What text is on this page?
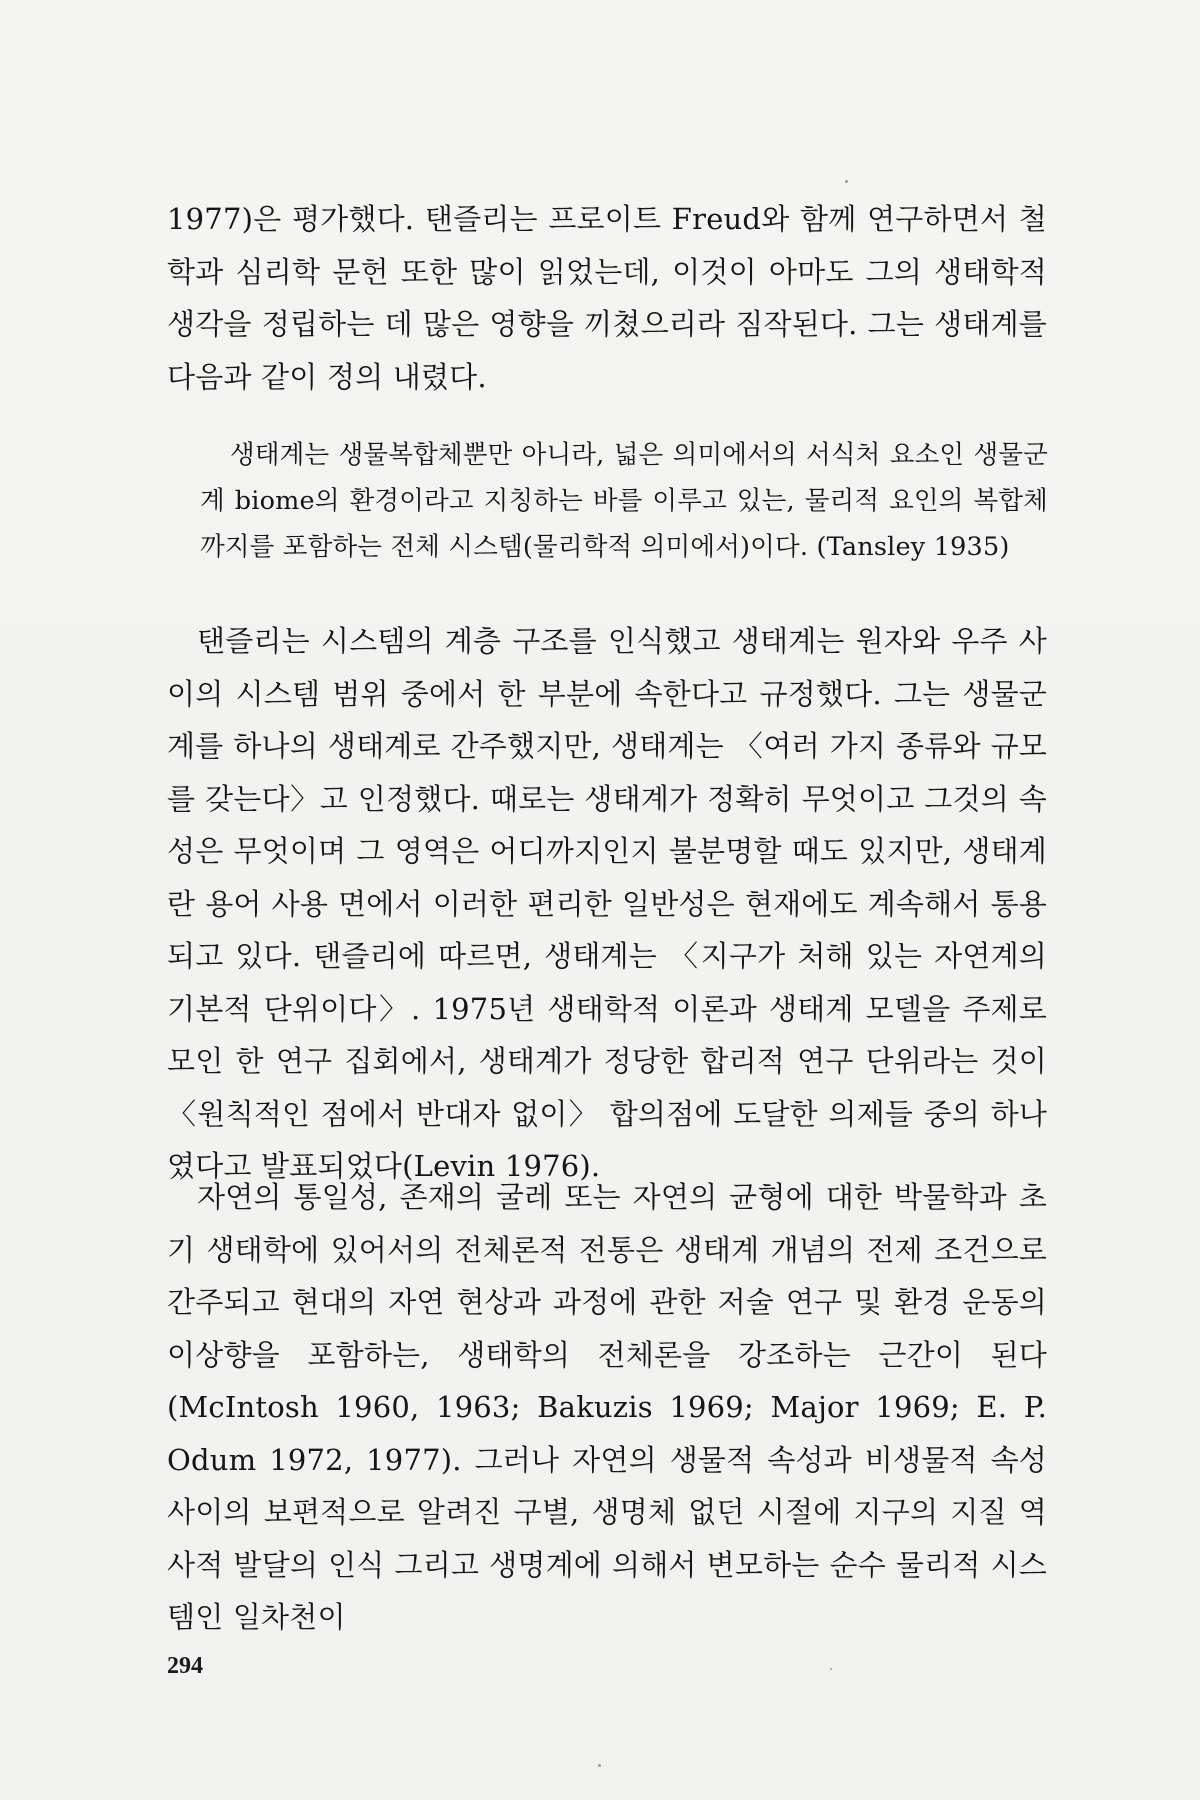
1977)은 평가했다. 탠즐리는 프로이트 Freud와 함께 연구하면서 철학과 심리학 문헌 또한 많이 읽었는데, 이것이 아마도 그의 생태학적 생각을 정립하는 데 많은 영향을 끼쳤으리라 짐작된다. 그는 생태계를 다음과 같이 정의 내렸다.

생태계는 생물복합체뿐만 아니라, 넓은 의미에서의 서식처 요소인 생물군계 biome의 환경이라고 지칭하는 바를 이루고 있는, 물리적 요인의 복합체까지를 포함하는 전체 시스템(물리학적 의미에서)이다. (Tansley 1935)

탠즐리는 시스템의 계층 구조를 인식했고 생태계는 원자와 우주 사이의 시스템 범위 중에서 한 부분에 속한다고 규정했다. 그는 생물군계를 하나의 생태계로 간주했지만, 생태계는 〈여러 가지 종류와 규모를 갖는다〉고 인정했다. 때로는 생태계가 정확히 무엇이고 그것의 속성은 무엇이며 그 영역은 어디까지인지 불분명할 때도 있지만, 생태계란 용어 사용 면에서 이러한 편리한 일반성은 현재에도 계속해서 통용되고 있다. 탠즐리에 따르면, 생태계는 〈지구가 처해 있는 자연계의 기본적 단위이다〉. 1975년 생태학적 이론과 생태계 모델을 주제로 모인 한 연구 집회에서, 생태계가 정당한 합리적 연구 단위라는 것이 〈원칙적인 점에서 반대자 없이〉 합의점에 도달한 의제들 중의 하나였다고 발표되었다(Levin 1976).

자연의 통일성, 존재의 굴레 또는 자연의 균형에 대한 박물학과 초기 생태학에 있어서의 전체론적 전통은 생태계 개념의 전제 조건으로 간주되고 현대의 자연 현상과 과정에 관한 저술 연구 및 환경 운동의 이상향을 포함하는, 생태학의 전체론을 강조하는 근간이 된다 (McIntosh 1960, 1963; Bakuzis 1969; Major 1969; E. P. Odum 1972, 1977). 그러나 자연의 생물적 속성과 비생물적 속성 사이의 보편적으로 알려진 구별, 생명체 없던 시절에 지구의 지질 역사적 발달의 인식 그리고 생명계에 의해서 변모하는 순수 물리적 시스템인 일차천이

294
